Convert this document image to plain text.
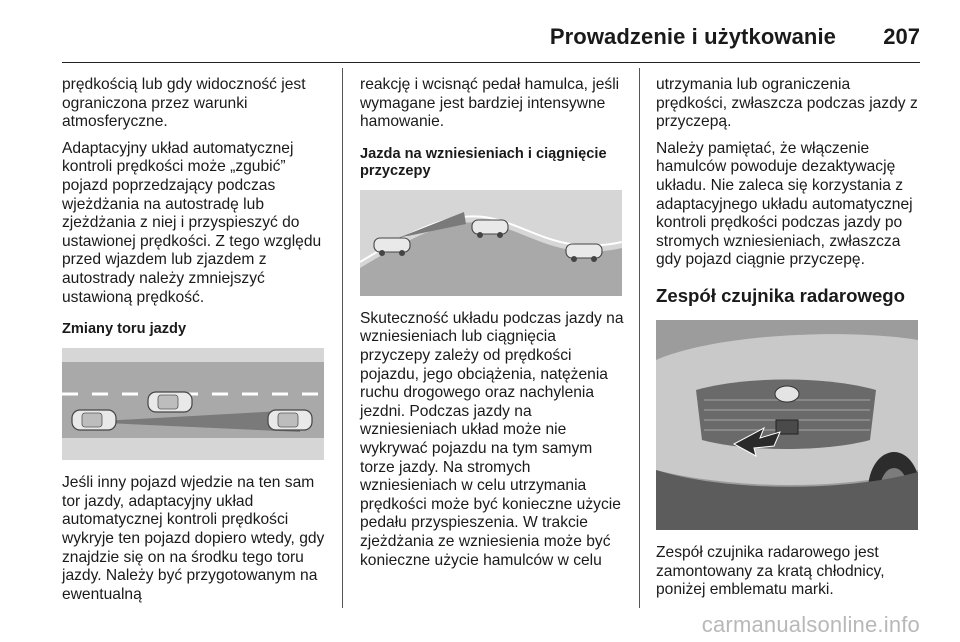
Prowadzenie i użytkowanie 207

prędkością lub gdy widoczność jest ograniczona przez warunki atmosferyczne.

Adaptacyjny układ automatycznej kontroli prędkości może „zgubić” pojazd poprzedzający podczas wjeżdżania na autostradę lub zjeżdżania z niej i przyspieszyć do ustawionej prędkości. Z tego względu przed wjazdem lub zjazdem z autostrady należy zmniejszyć ustawioną prędkość.

Zmiany toru jazdy

Jeśli inny pojazd wjedzie na ten sam tor jazdy, adaptacyjny układ automatycznej kontroli prędkości wykryje ten pojazd dopiero wtedy, gdy znajdzie się on na środku tego toru jazdy. Należy być przygotowanym na ewentualną

reakcję i wcisnąć pedał hamulca, jeśli wymagane jest bardziej intensywne hamowanie.

Jazda na wzniesieniach i ciągnięcie przyczepy

Skuteczność układu podczas jazdy na wzniesieniach lub ciągnięcia przyczepy zależy od prędkości pojazdu, jego obciążenia, natężenia ruchu drogowego oraz nachylenia jezdni. Podczas jazdy na wzniesieniach układ może nie wykrywać pojazdu na tym samym torze jazdy. Na stromych wzniesieniach w celu utrzymania prędkości może być konieczne użycie pedału przyspieszenia. W trakcie zjeżdżania ze wzniesienia może być konieczne użycie hamulców w celu

utrzymania lub ograniczenia prędkości, zwłaszcza podczas jazdy z przyczepą.

Należy pamiętać, że włączenie hamulców powoduje dezaktywację układu. Nie zaleca się korzystania z adaptacyjnego układu automatycznej kontroli prędkości podczas jazdy po stromych wzniesieniach, zwłaszcza gdy pojazd ciągnie przyczepę.

Zespół czujnika radarowego

Zespół czujnika radarowego jest zamontowany za kratą chłodnicy, poniżej emblematu marki.

carmanualsonline.info
